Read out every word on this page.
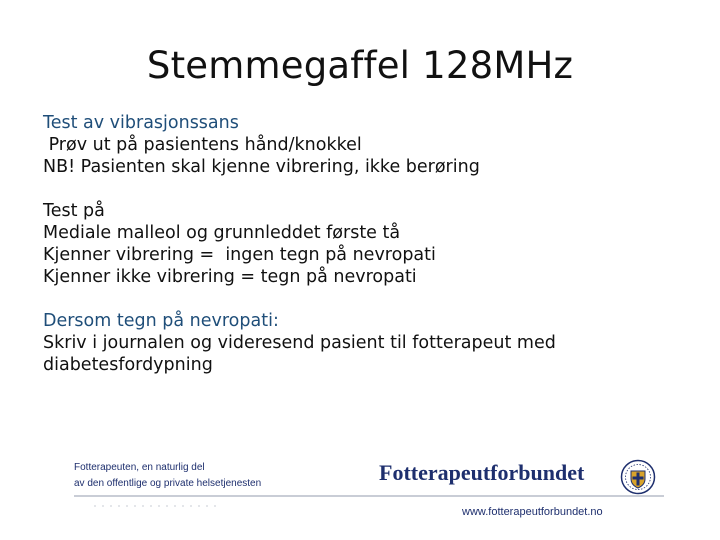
Stemmegaffel 128MHz
Test av vibrasjonssans
Prøv ut på pasientens hånd/knokkel
NB! Pasienten skal kjenne vibrering, ikke berøring
Test på
Mediale malleol og grunnleddet første tå
Kjenner vibrering =  ingen tegn på nevropati
Kjenner ikke vibrering = tegn på nevropati
Dersom tegn på nevropati:
Skriv i journalen og videresend pasient til fotterapeut med
diabetesfordypning
Fotterapeuten, en naturlig del
av den offentlige og private helsetjenesten	Fotterapeutforbundet
www.fotterapeutforbundet.no
